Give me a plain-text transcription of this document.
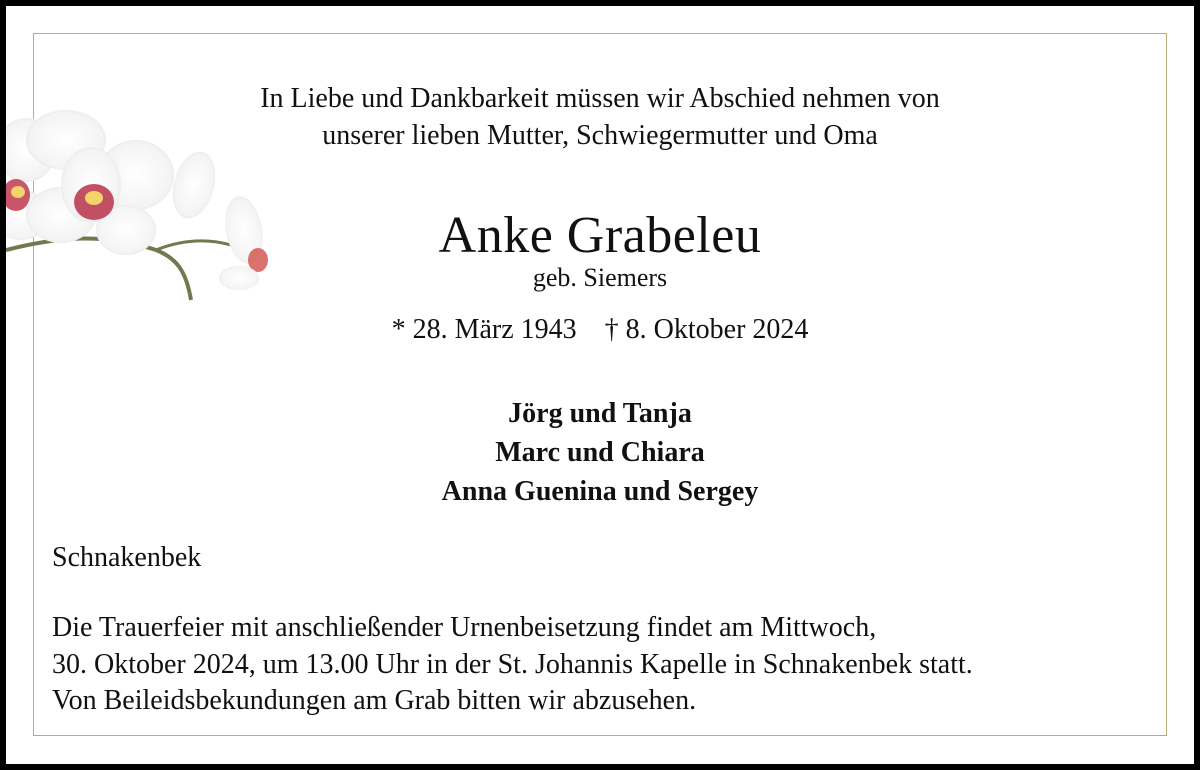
In Liebe und Dankbarkeit müssen wir Abschied nehmen von
unserer lieben Mutter, Schwiegermutter und Oma
Anke Grabeleu
geb. Siemers
* 28. März 1943 † 8. Oktober 2024
Jörg und Tanja
Marc und Chiara
Anna Guenina und Sergey
Schnakenbek
Die Trauerfeier mit anschließender Urnenbeisetzung findet am Mittwoch,
30. Oktober 2024, um 13.00 Uhr in der St. Johannis Kapelle in Schnakenbek statt.
Von Beileidsbekundungen am Grab bitten wir abzusehen.
